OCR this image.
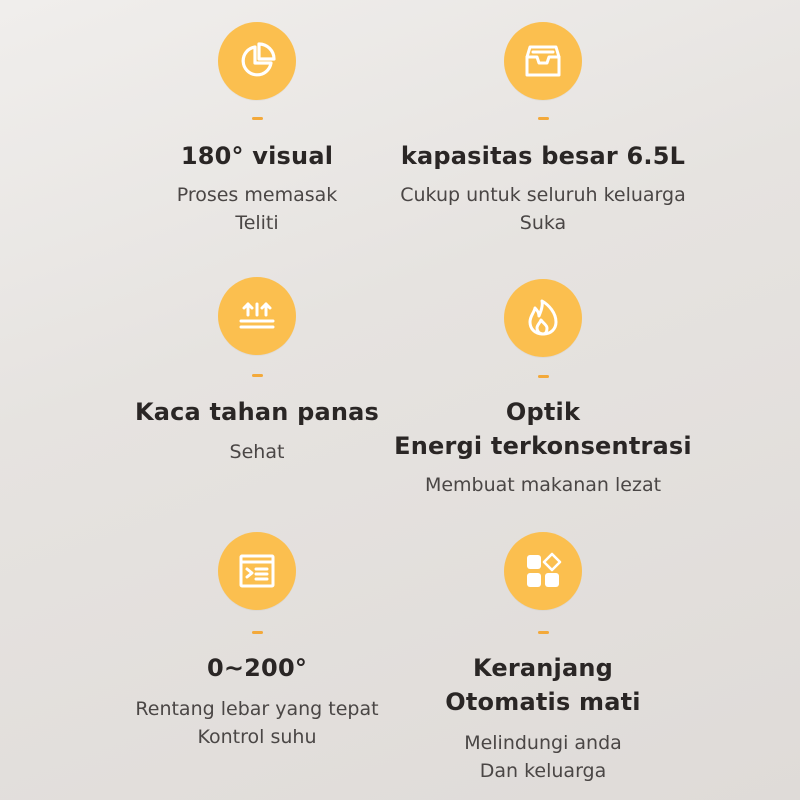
180° visual
Proses memasak
Teliti
kapasitas besar 6.5L
Cukup untuk seluruh keluarga
Suka
Kaca tahan panas
Sehat
Optik
Energi terkonsentrasi
Membuat makanan lezat
0~200°
Rentang lebar yang tepat
Kontrol suhu
Keranjang
Otomatis mati
Melindungi anda
Dan keluarga
